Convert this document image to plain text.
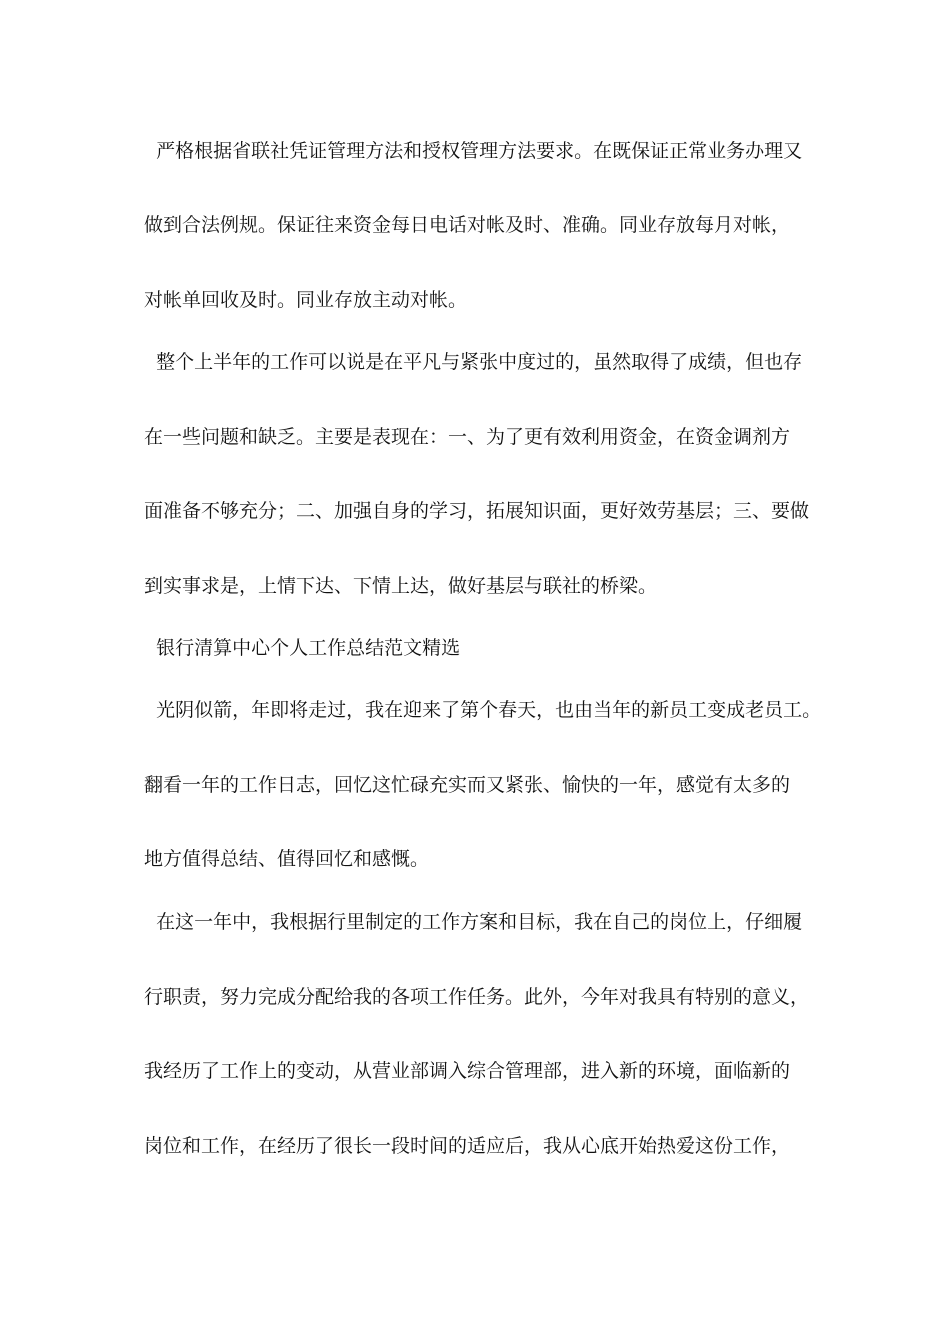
严格根据省联社凭证管理方法和授权管理方法要求。在既保证正常业务办理又
做到合法例规。保证往来资金每日电话对帐及时、准确。同业存放每月对帐，
对帐单回收及时。同业存放主动对帐。
整个上半年的工作可以说是在平凡与紧张中度过的，虽然取得了成绩，但也存
在一些问题和缺乏。主要是表现在：一、为了更有效利用资金，在资金调剂方
面准备不够充分；二、加强自身的学习，拓展知识面，更好效劳基层；三、要做
到实事求是，上情下达、下情上达，做好基层与联社的桥梁。
银行清算中心个人工作总结范文精选
光阴似箭，年即将走过，我在迎来了第个春天，也由当年的新员工变成老员工。
翻看一年的工作日志，回忆这忙碌充实而又紧张、愉快的一年，感觉有太多的
地方值得总结、值得回忆和感慨。
在这一年中，我根据行里制定的工作方案和目标，我在自己的岗位上，仔细履
行职责，努力完成分配给我的各项工作任务。此外，今年对我具有特别的意义，
我经历了工作上的变动，从营业部调入综合管理部，进入新的环境，面临新的
岗位和工作，在经历了很长一段时间的适应后，我从心底开始热爱这份工作，
